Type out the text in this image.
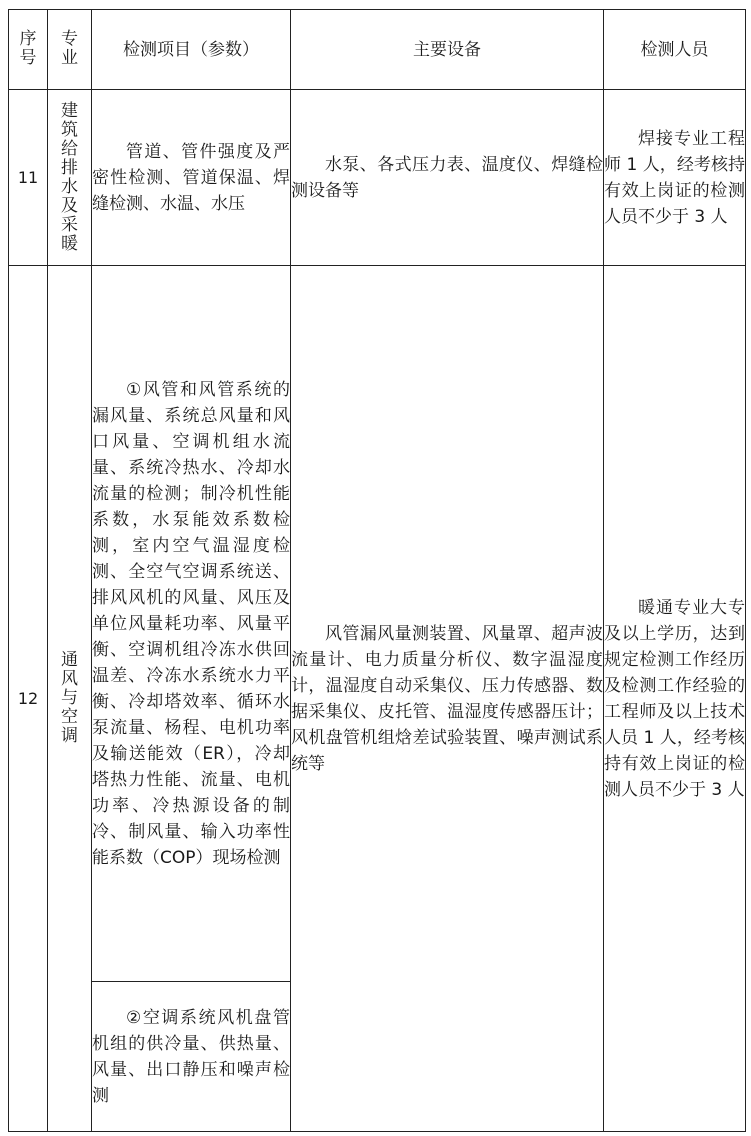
序号	专业	检测项目（参数）	主要设备	检测人员
11	建筑给排水及采暖	管道、管件强度及严密性检测、管道保温、焊缝检测、水温、水压	水泵、各式压力表、温度仪、焊缝检测设备等	焊接专业工程师 1 人，经考核持有效上岗证的检测人员不少于 3 人
12	通风与空调	①风管和风管系统的漏风量、系统总风量和风口风量、空调机组水流量、系统冷热水、冷却水流量的检测；制冷机性能系数，水泵能效系数检测，室内空气温湿度检测、全空气空调系统送、排风风机的风量、风压及单位风量耗功率、风量平衡、空调机组冷冻水供回温差、冷冻水系统水力平衡、冷却塔效率、循环水泵流量、杨程、电机功率及输送能效（ER），冷却塔热力性能、流量、电机功率、冷热源设备的制冷、制风量、输入功率性能系数（COP）现场检测	风管漏风量测装置、风量罩、超声波流量计、电力质量分析仪、数字温湿度计，温湿度自动采集仪、压力传感器、数据采集仪、皮托管、温湿度传感器压计；风机盘管机组焓差试验装置、噪声测试系统等	暖通专业大专及以上学历，达到规定检测工作经历及检测工作经验的工程师及以上技术人员 1 人，经考核持有效上岗证的检测人员不少于 3 人
		②空调系统风机盘管机组的供冷量、供热量、风量、出口静压和噪声检测		
